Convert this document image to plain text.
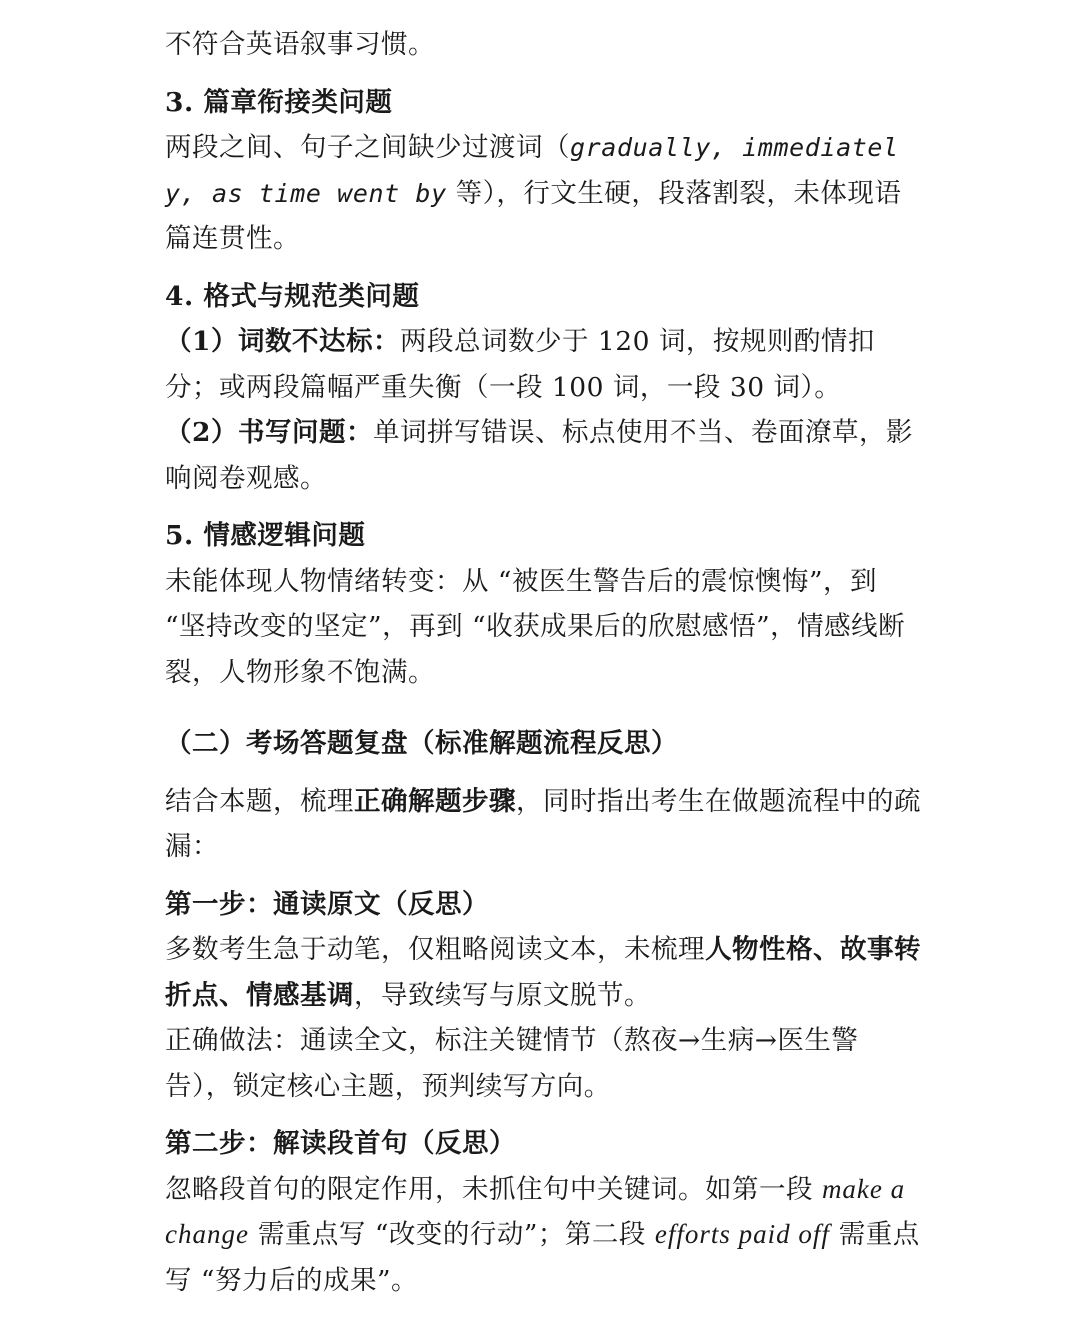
不符合英语叙事习惯。
3. 篇章衔接类问题
两段之间、句子之间缺少过渡词（gradually, immediately, as time went by 等），行文生硬，段落割裂，未体现语篇连贯性。
4. 格式与规范类问题
（1）词数不达标：两段总词数少于 120 词，按规则酌情扣分；或两段篇幅严重失衡（一段 100 词，一段 30 词）。
（2）书写问题：单词拼写错误、标点使用不当、卷面潦草，影响阅卷观感。
5. 情感逻辑问题
未能体现人物情绪转变：从 “被医生警告后的震惊懊悔”，到 “坚持改变的坚定”，再到 “收获成果后的欣慰感悟”，情感线断裂，人物形象不饱满。
（二）考场答题复盘（标准解题流程反思）
结合本题，梳理正确解题步骤，同时指出考生在做题流程中的疏漏：
第一步：通读原文（反思）
多数考生急于动笔，仅粗略阅读文本，未梳理人物性格、故事转折点、情感基调，导致续写与原文脱节。
正确做法：通读全文，标注关键情节（熬夜→生病→医生警告），锁定核心主题，预判续写方向。
第二步：解读段首句（反思）
忽略段首句的限定作用，未抓住句中关键词。如第一段 make a change 需重点写 “改变的行动”；第二段 efforts paid off 需重点写 “努力后的成果”。
